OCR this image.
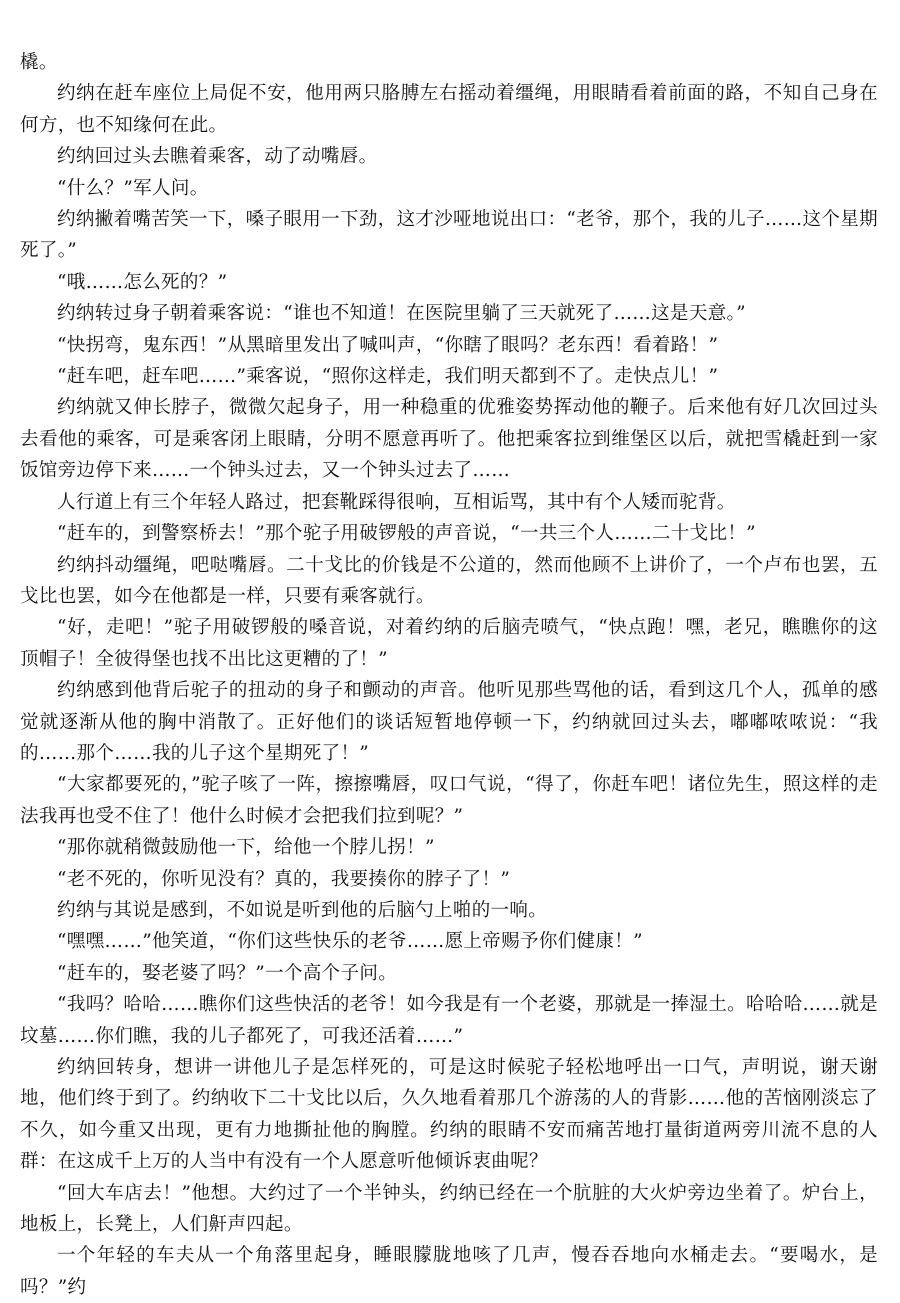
橇。

约纳在赶车座位上局促不安，他用两只胳膊左右摇动着缰绳，用眼睛看着前面的路，不知自己身在何方，也不知缘何在此。

约纳回过头去瞧着乘客，动了动嘴唇。

“什么？”军人问。

约纳撇着嘴苦笑一下，嗓子眼用一下劲，这才沙哑地说出口：“老爷，那个，我的儿子……这个星期死了。”

“哦……怎么死的？”

约纳转过身子朝着乘客说：“谁也不知道！在医院里躺了三天就死了……这是天意。”

“快拐弯，鬼东西！”从黑暗里发出了喊叫声，“你瞎了眼吗？老东西！看着路！”

“赶车吧，赶车吧……”乘客说，“照你这样走，我们明天都到不了。走快点儿！”

约纳就又伸长脖子，微微欠起身子，用一种稳重的优雅姿势挥动他的鞭子。后来他有好几次回过头去看他的乘客，可是乘客闭上眼睛，分明不愿意再听了。他把乘客拉到维堡区以后，就把雪橇赶到一家饭馆旁边停下来……一个钟头过去，又一个钟头过去了……

人行道上有三个年轻人路过，把套靴踩得很响，互相诟骂，其中有个人矮而驼背。

“赶车的，到警察桥去！”那个驼子用破锣般的声音说，“一共三个人……二十戈比！”

约纳抖动缰绳，吧哒嘴唇。二十戈比的价钱是不公道的，然而他顾不上讲价了，一个卢布也罢，五戈比也罢，如今在他都是一样，只要有乘客就行。

“好，走吧！”驼子用破锣般的嗓音说，对着约纳的后脑壳喷气，“快点跑！嘿，老兄，瞧瞧你的这顶帽子！全彼得堡也找不出比这更糟的了！”

约纳感到他背后驼子的扭动的身子和颤动的声音。他听见那些骂他的话，看到这几个人，孤单的感觉就逐渐从他的胸中消散了。正好他们的谈话短暂地停顿一下，约纳就回过头去，嘟嘟哝哝说：“我的……那个……我的儿子这个星期死了！”

“大家都要死的，”驼子咳了一阵，擦擦嘴唇，叹口气说，“得了，你赶车吧！诸位先生，照这样的走法我再也受不住了！他什么时候才会把我们拉到呢？”

“那你就稍微鼓励他一下，给他一个脖儿拐！”

“老不死的，你听见没有？真的，我要揍你的脖子了！”

约纳与其说是感到，不如说是听到他的后脑勺上啪的一响。

“嘿嘿……”他笑道，“你们这些快乐的老爷……愿上帝赐予你们健康！”

“赶车的，娶老婆了吗？”一个高个子问。

“我吗？哈哈……瞧你们这些快活的老爷！如今我是有一个老婆，那就是一捧湿土。哈哈哈……就是坟墓……你们瞧，我的儿子都死了，可我还活着……”

约纳回转身，想讲一讲他儿子是怎样死的，可是这时候驼子轻松地呼出一口气，声明说，谢天谢地，他们终于到了。约纳收下二十戈比以后，久久地看着那几个游荡的人的背影……他的苦恼刚淡忘了不久，如今重又出现，更有力地撕扯他的胸膛。约纳的眼睛不安而痛苦地打量街道两旁川流不息的人群：在这成千上万的人当中有没有一个人愿意听他倾诉衷曲呢？

“回大车店去！”他想。大约过了一个半钟头，约纳已经在一个肮脏的大火炉旁边坐着了。炉台上，地板上，长凳上，人们鼾声四起。

一个年轻的车夫从一个角落里起身，睡眼朦胧地咳了几声，慢吞吞地向水桶走去。“要喝水，是吗？”约
